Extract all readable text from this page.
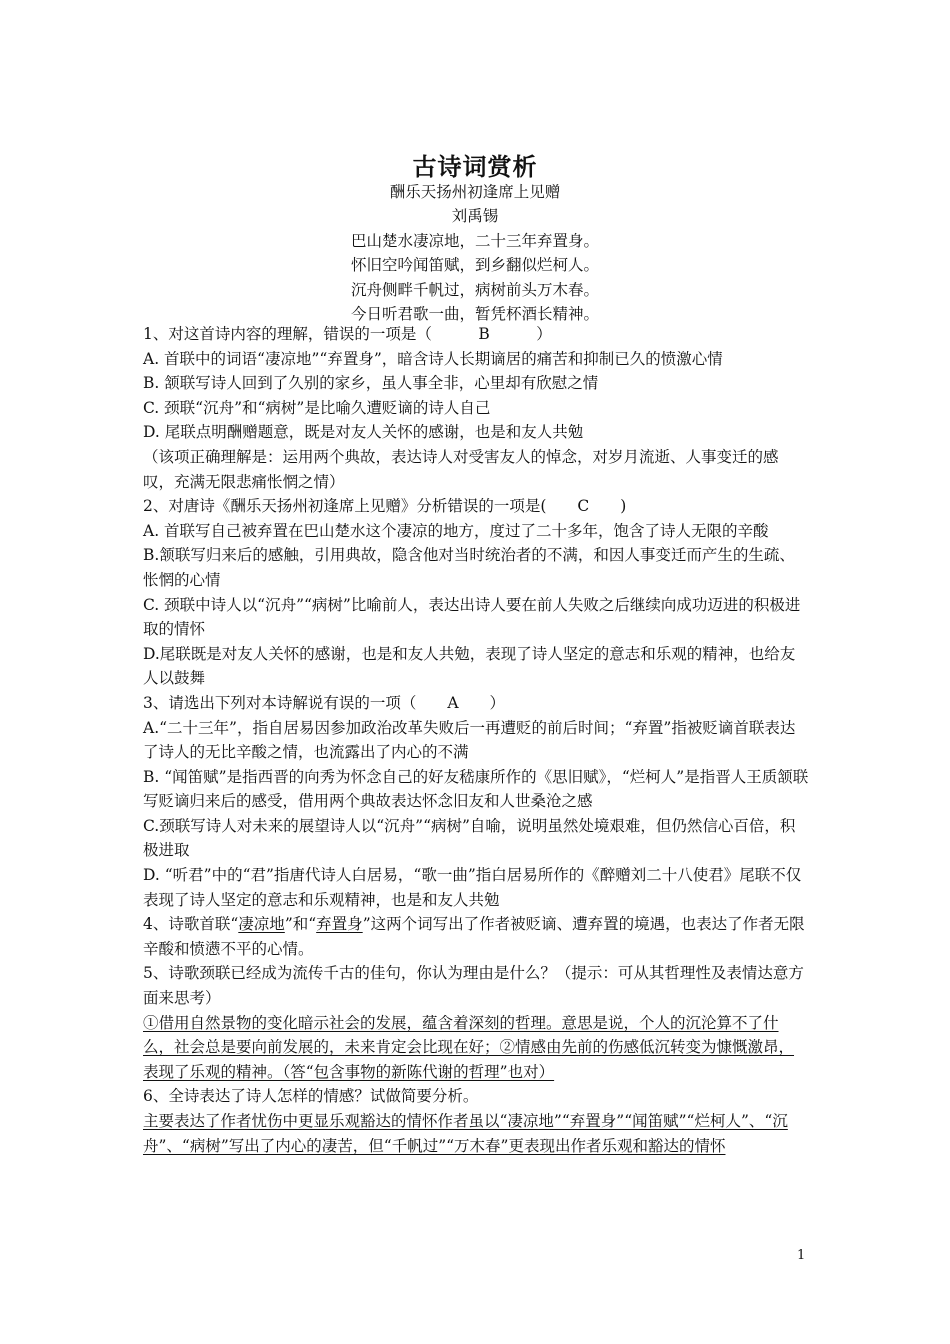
古诗词赏析
酬乐天扬州初逢席上见赠
刘禹锡
巴山楚水凄凉地，二十三年弃置身。
怀旧空吟闻笛赋，到乡翻似烂柯人。
沉舟侧畔千帆过，病树前头万木春。
今日听君歌一曲，暂凭杯酒长精神。

1、对这首诗内容的理解，错误的一项是（　　　B　　　）

A. 首联中的词语“凄凉地”“弃置身”，暗含诗人长期谪居的痛苦和抑制已久的愤激心情

B. 颔联写诗人回到了久别的家乡，虽人事全非，心里却有欣慰之情

C. 颈联“沉舟”和“病树”是比喻久遭贬谪的诗人自己

D. 尾联点明酬赠题意，既是对友人关怀的感谢，也是和友人共勉

（该项正确理解是：运用两个典故，表达诗人对受害友人的悼念，对岁月流逝、人事变迁的感叹，充满无限悲痛怅惘之情）

2、对唐诗《酬乐天扬州初逢席上见赠》分析错误的一项是(　　C　　)

A. 首联写自己被弃置在巴山楚水这个凄凉的地方，度过了二十多年，饱含了诗人无限的辛酸

B.颔联写归来后的感触，引用典故，隐含他对当时统治者的不满，和因人事变迁而产生的生疏、怅惘的心情

C. 颈联中诗人以“沉舟”“病树”比喻前人，表达出诗人要在前人失败之后继续向成功迈进的积极进取的情怀

D.尾联既是对友人关怀的感谢，也是和友人共勉，表现了诗人坚定的意志和乐观的精神，也给友人以鼓舞

3、请选出下列对本诗解说有误的一项（　　A　　）

A.“二十三年”，指自居易因参加政治改革失败后一再遭贬的前后时间；“弃置”指被贬谪首联表达了诗人的无比辛酸之情，也流露出了内心的不满

B. “闻笛赋”是指西晋的向秀为怀念自己的好友嵇康所作的《思旧赋》，“烂柯人”是指晋人王质颔联写贬谪归来后的感受，借用两个典故表达怀念旧友和人世桑沧之感

C.颈联写诗人对未来的展望诗人以“沉舟”“病树”自喻，说明虽然处境艰难，但仍然信心百倍，积极进取

D. “听君”中的“君”指唐代诗人白居易，“歌一曲”指白居易所作的《醉赠刘二十八使君》尾联不仅表现了诗人坚定的意志和乐观精神，也是和友人共勉

4、诗歌首联“凄凉地”和“弃置身”这两个词写出了作者被贬谪、遭弃置的境遇，也表达了作者无限辛酸和愤懑不平的心情。

5、诗歌颈联已经成为流传千古的佳句，你认为理由是什么？（提示：可从其哲理性及表情达意方面来思考）

①借用自然景物的变化暗示社会的发展，蕴含着深刻的哲理。意思是说，个人的沉沦算不了什么，社会总是要向前发展的，未来肯定会比现在好；②情感由先前的伤感低沉转变为慷慨激昂，表现了乐观的精神。（答“包含事物的新陈代谢的哲理”也对）

6、全诗表达了诗人怎样的情感？试做简要分析。

主要表达了作者忧伤中更显乐观豁达的情怀作者虽以“凄凉地”“弃置身”“闻笛赋”“烂柯人”、“沉舟”、“病树”写出了内心的凄苦，但“千帆过”“万木春”更表现出作者乐观和豁达的情怀

1
